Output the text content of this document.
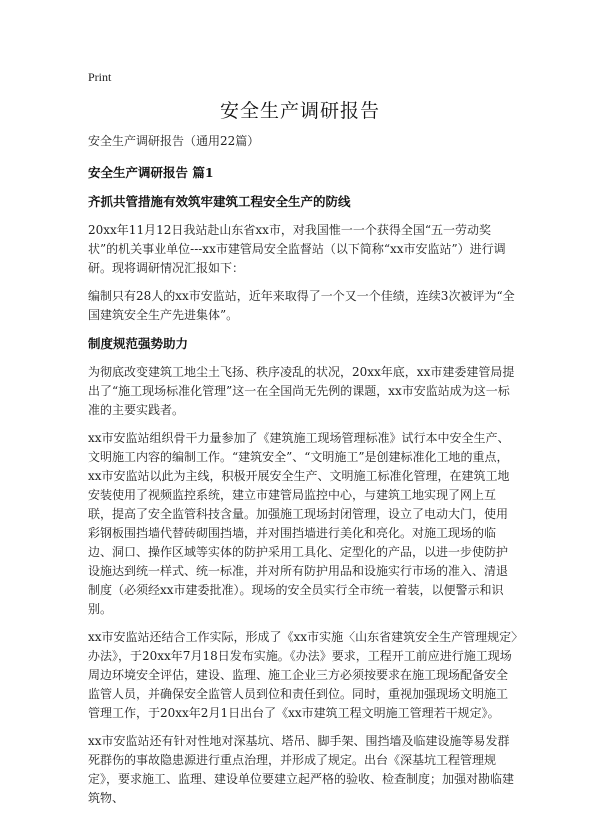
Print
安全生产调研报告

安全生产调研报告（通用22篇）

安全生产调研报告 篇1

齐抓共管措施有效筑牢建筑工程安全生产的防线

20xx年11月12日我站赴山东省xx市，对我国惟一一个获得全国“五一劳动奖状”的机关事业单位---xx市建管局安全监督站（以下简称“xx市安监站”）进行调研。现将调研情况汇报如下：

编制只有28人的xx市安监站，近年来取得了一个又一个佳绩，连续3次被评为“全国建筑安全生产先进集体”。

制度规范强势助力

为彻底改变建筑工地尘土飞扬、秩序凌乱的状况，20xx年底，xx市建委建管局提出了“施工现场标准化管理”这一在全国尚无先例的课题，xx市安监站成为这一标准的主要实践者。

xx市安监站组织骨干力量参加了《建筑施工现场管理标准》试行本中安全生产、文明施工内容的编制工作。“建筑安全”、“文明施工”是创建标准化工地的重点，xx市安监站以此为主线，积极开展安全生产、文明施工标准化管理，在建筑工地安装使用了视频监控系统，建立市建管局监控中心，与建筑工地实现了网上互联，提高了安全监管科技含量。加强施工现场封闭管理，设立了电动大门，使用彩钢板围挡墙代替砖砌围挡墙，并对围挡墙进行美化和亮化。对施工现场的临边、洞口、操作区域等实体的防护采用工具化、定型化的产品，以进一步使防护设施达到统一样式、统一标准，并对所有防护用品和设施实行市场的准入、清退制度（必须经xx市建委批准）。现场的安全员实行全市统一着装，以便警示和识别。

xx市安监站还结合工作实际，形成了《xx市实施〈山东省建筑安全生产管理规定〉办法》，于20xx年7月18日发布实施。《办法》要求，工程开工前应进行施工现场周边环境安全评估，建设、监理、施工企业三方必须按要求在施工现场配备安全监管人员，并确保安全监管人员到位和责任到位。同时，重视加强现场文明施工管理工作，于20xx年2月1日出台了《xx市建筑工程文明施工管理若干规定》。

xx市安监站还有针对性地对深基坑、塔吊、脚手架、围挡墙及临建设施等易发群死群伤的事故隐患源进行重点治理，并形成了规定。出台《深基坑工程管理规定》，要求施工、监理、建设单位要建立起严格的验收、检查制度；加强对勘临建筑物、
